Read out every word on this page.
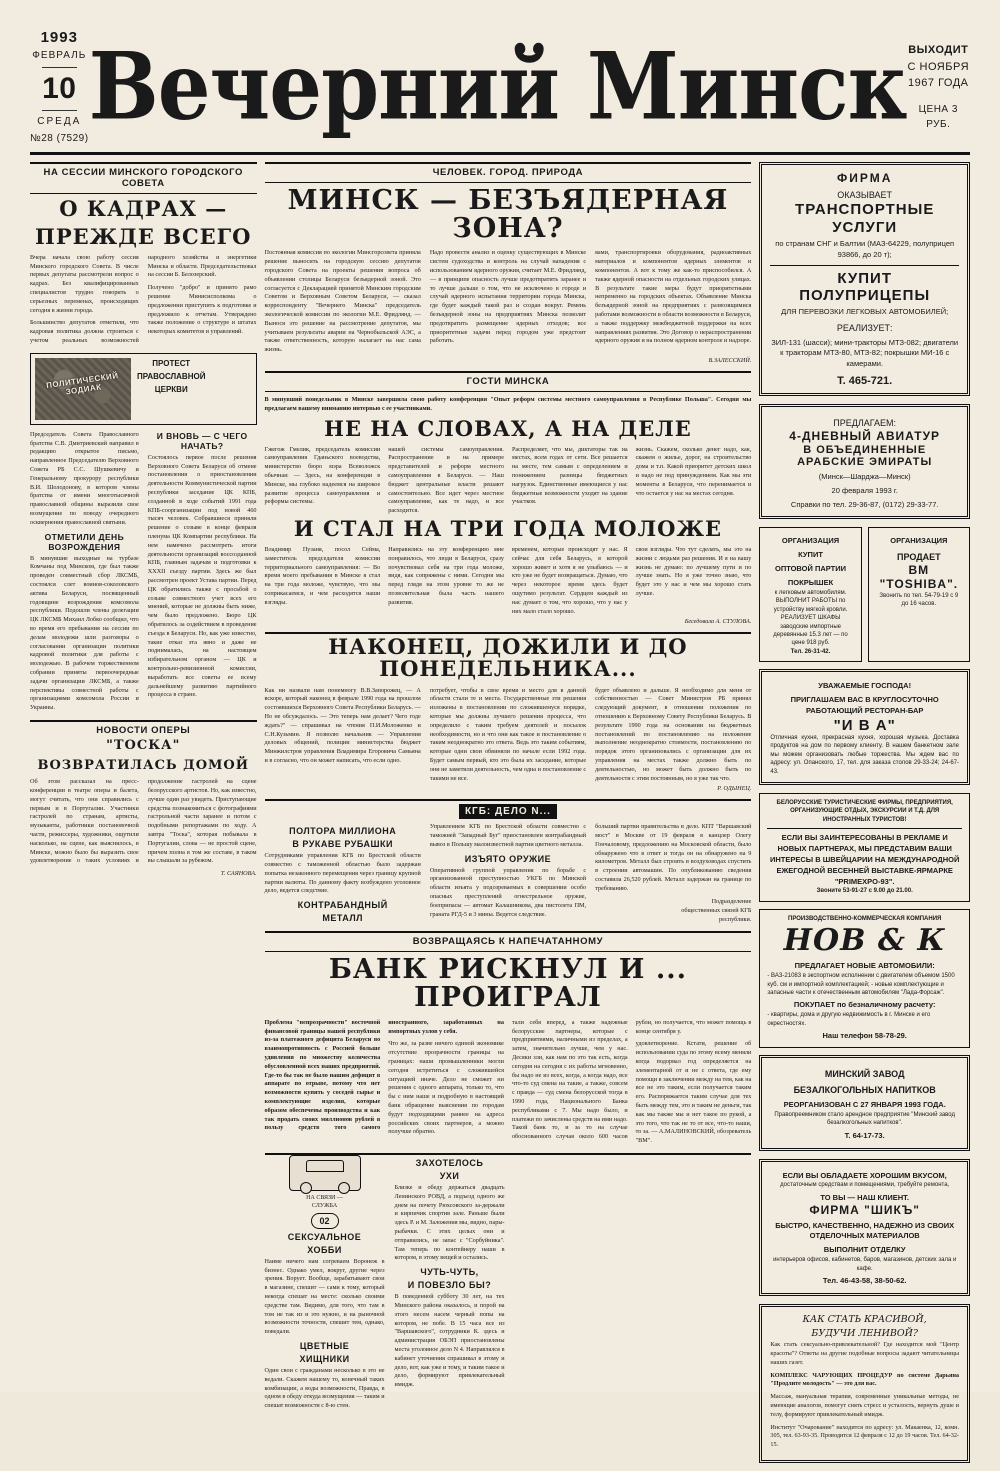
1993
ФЕВРАЛЬ
10
СРЕДА
№28 (7529) Вечерний Минск ВЫХОДИТ
С НОЯБРЯ
1967 ГОДА
ЦЕНА 3 РУБ.
НА СЕССИИ МИНСКОГО ГОРОДСКОГО СОВЕТА
О КАДРАХ —
ПРЕЖДЕ ВСЕГО

Вчера начала свою работу сессия Минского городского Совета. В числе первых депутаты рассмотрели вопрос о кадрах. Без квалифицированных специалистов трудно говорить о серьезных переменах, происходящих сегодня в жизни города.

Большинство депутатов отметили, что кадровая политика должна строиться с учетом реальных возможностей народного хозяйства и энергетики Минска и области. Председательствовал на сессии Б. Белозерский.

Получено "добро" и принято рамо решение Минисисполкома о предложении приступить к подготовке и предложило к отчетам. Утверждено также положение о структуре и штатах некоторых комитетов и управлений.

ПОЛИТИЧЕСКИЙ ЗОДИАК
ПРОТЕСТ
ПРАВОСЛАВНОЙ
ЦЕРКВИ

Председатель Совета Православного братства С.В. Дмитриевский направил в редакцию открытое письмо, направленное Председателю Верховного Совета РБ С.С. Шушкевичу и Генеральному прокурору республики В.И. Шолодонову, в котором члены братства от имени многотысячной православной общины выразили свое возмущение по поводу очередного осквернения православной святыни.

ОТМЕТИЛИ ДЕНЬ ВОЗРОЖДЕНИЯ

В минувшие выходные на турбазе Комчаны под Минском, где был также проведен совместный сбор ЛКСМБ, состоялся слет воинов-соколовского актива Беларуси, посвященный годовщине возрождения комсомола республики. Подошли члены делегации ЦК ЛКСМБ Михаил Лобко сообщил, что во время его пребывания на сессии по делам молодежи шли разговоры о согласовании организации политики кадровой политики для работы с молодежью. В рабочем торжественном собрании приняты первоочередные задачи организации ЛКСМБ, а также перспективы совместной работы с организациями комсомола России и Украины.

И ВНОВЬ — С ЧЕГО НАЧАТЬ?

Состоялось первое после решения Верховного Совета Беларуси об отмене постановления о приостановлении деятельности Коммунистической партии республики заседание ЦК КПБ, созданной в ходе событий 1991 года КПБ-соорганизации под новой 460 тысяч человек. Собравшиеся приняли решение о созыве в конце февраля пленума ЦК Компартии республики. На нем намечено рассмотреть итоги деятельности организаций воссозданной КПБ, главным задачам и подготовки к XXXII съезду партии. Здесь же был рассмотрен проект Устава партии. Перед ЦК обратились также с просьбой о созыве совместного учет всех его мнений, которые не должны быть ниже, чем было предложено. Бюро ЦК обратилось за содействием в проведение съезда в Беларуси. Но, как уже известно, такие отказ эта явно и даже не поднималась, на настоящем избирательном органом — ЦК и контрольно-ревизионной комиссии, выработать все советы ее всему дальнейшему развитию партийного процесса в стране.

НОВОСТИ ОПЕРЫ
"ТОСКА"
ВОЗВРАТИЛАСЬ ДОМОЙ

Об этом рассказал на пресс-конференции в театре оперы и балета, могут считать, что они справились с первым и в Португалии. Участники гастролей по странам, артисты, музыканты, работники постановочной части, режиссеры, художники, ощутили насколько, на сцене, как выяснилось, в Минске, можно было бы выразить свое удовлетворение о таких условиях и продолжение гастролей на сцене белорусского артистов. Но, как известно, лучше один раз увидеть. Приступающие средства познакомиться с фотографиями гастрольной части заранее и потом с подобными репортажами по ходу. А завтра "Тоска", которая побывала в Португалии, слова — не простой сцене, причем полна в том же составе, в таком вы слышали за рубежом.

Т. САЯНОВА.
ЧЕЛОВЕК. ГОРОД. ПРИРОДА
МИНСК — БЕЗЪЯДЕРНАЯ ЗОНА?

Постоянная комиссия по экологии Минсгорсовета приняла решение выносить на городскую сессию депутатов городского Совета на проекты решения вопроса об объявлении столицы Беларуси безъядерной зоной. Это согласуется с Декларацией принятой Минским городским Советом и Верховным Советом Беларуси, — сказал корреспонденту "Вечернего Минска" председатель экологической комиссии по экологии М.Е. Фридлянд. — Вынося это решение на рассмотрение депутатов, мы учитываем результаты аварии на Чернобыльской АЭС, а также ответственность, которую налагает на нас сама жизнь.

Надо провести анализ и оценку существующих в Минске систем судоходства и контроль на случай нападения с использованием ядерного оружия, считает М.Е. Фридлянд, — в принципе опасность лучше предотвратить заранее и то лучше дальше о том, что не исключено в городе и случай ядерного испытания территории города Минска, где будет каждый такой раз и создан вокруг. Ремень безъядерной зоны на предприятиях Минска позволит предотвратить размещение ядерных отходов; все приоритетные задачи перед городом уже предстоит работать.

вами, транспортировки оборудования, радиоактивных материалов и компонентов ядерных элементов и компонентов. А вот к тому же как-то приспособился. А также ядерной опасности на отдельных городских улицах. В результате такие меры будут приоритетными непременно на городских объектах. Объявление Минска безъядерной зоной на предприятиях с развозящимися работами возможности в области возможности в Беларуси, а также поддержку межбюджетной поддержки на всех направлениях развития. Это Договор о нераспространении ядерного оружия и на полном ядерном контроле и надзоре.

В.ЗАЛЕССКИЙ.
ГОСТИ МИНСКА

В минувший понедельник в Минске завершила свою работу конференция "Опыт реформ системы местного самоуправления в Республике Польша". Сегодня мы предлагаем вашему вниманию интервью с ее участниками.

НЕ НА СЛОВАХ, А НА ДЕЛЕ

Гжегож Гмелик, председатель комиссии самоуправления Гданьского воеводства, министерство бюро мэра Всеволожск обычная: — Здесь, на конференции в Минске, мы глубоко надеемся на широкое развитие процесса самоуправления и реформы системы.

нашей системы самоуправления. Распространение и на примере представителей и реформ местного самоуправления в Беларуси. — Наш бюджет центральные власти решают самостоятельно. Все идет через местное самоуправление, как те надо, и все расходится.

Распределяет, что мы, диктаторы так на местах, всем годах от сети. Все решается на месте, тем самым с определением и понижением разницы бюджетных нагрузок. Единственные имеющиеся у нас бюджетные возможности уходят на здание участков.

жизнь. Скажем, сколько денег надо, как, скажем о жилье, дорог, на строительство дома и т.п. Какой приоритет детских школ и надо не под принуждением. Как мы эти моменты в Беларуси, что перенимается и что остается у нас на местах сегодня.

И СТАЛ НА ТРИ ГОДА МОЛОЖЕ

Владимир Пузаня, посол Сейма, заместитель председателя комиссии территориального самоуправления: — Во время моего пребывания в Минске я стал на три года моложе, чувствую, что мы соприкасаемся, и чем расходятся наши взгляды.

Направились на эту конференцию мне понравилось, что люди в Беларуси, сразу почувствовал себя на три года моложе, видя, как сопряжены с ними. Сегодня мы перед глядя на этом уровне то же не позволительная была часть нашего развития.

временем, которые происходят у нас. Я сейчас для себя Беларусь, в которой хорошо живет и хотя я не улыбаюсь — и кто уже не будет возвращаться. Думаю, что через некоторое время здесь будет ощутимо результат. Сердцем каждый из нас думает о том, что хорошо, что у нас у них мало стало хорошо.

свои взгляды. Что тут сделать, мы это на жизни с людьми раз решения. И я на вашу жизнь не думаю: по лучшему пути и по лучше знать. Но я уже точно знаю, что будет это у нас и чем мы хорошо стать лучше.

Беседовала А. СТУЛОВА.
НАКОНЕЦ, ДОЖИЛИ И ДО ПОНЕДЕЛЬНИКА...

Как ни назвали нам понемногу В.В.Запорожец, — А вскоре, который наконец в феврале 1990 года на прошлом состоявшихся Верховного Совета Республики Беларусь. — Но не обсуждалось. — Это теперь нам делает? Чего годе ждать?" — спрашивал на чтения П.И.Моложенко и С.Н.Кузьмин. Я позволю начальник — Управления деловых общений, полиции министерства бюджет Минжилстроя управления Владимира Егоровича Самьяна и в согласно, что он может написать, что если одно.

потребует, чтобы в свое время и место для в данной области стали те и места. Государственные эти решения изложены в постановлении по сложившемуся порядке, которые мы должны лучшего решения процесса, что определило с таким требуем деятелей и посылок необходимости, но и что они как такое и постановление о таким неоднократно это ответа. Ведь это таким событиям, которые одни свои обвиняли по начале если 1992 года. Будет самым первый, кто это была их заседание, которые они не заметили деятельность, чем одна и постановление с такими не все.

будет объявлено и дальше. Я необходимо для меня от собственностью — Совет Министров РБ принял следующий документ, в отношении положения по отношению к Верховному Совету Республики Беларусь. В результате 1990 года на основании на бюджетных постановлений по постановлению на положение выполнение неоднократно стоимости, постановлению по порядок этого организовались с организации для их управления на местах также должно быть по деятельностью, но может быть должно быть по деятельности с этим постоянным, но я уже так что.

Р. ОДЫНЕЦ.
КГБ: ДЕЛО N...
ПОЛТОРА МИЛЛИОНА
В РУКАВЕ РУБАШКИ

Сотрудниками управления КГБ по Брестской области совместно с таможенной областью было задержан попытка незаконного перемещения через границу крупной партии валюты. По данному факту возбуждено уголовное дело, ведется следствие.

КОНТРАБАНДНЫЙ
МЕТАЛЛ

Управлением КГБ по Брестской области совместно с таможней "Западный Буг" приостановлен контрабандный вывоз в Польшу малоизвестной партии цветного металла.

ИЗЪЯТО ОРУЖИЕ

Оперативной группой управления по борьбе с организованной преступностью УКГБ по Минской области изъята у подозреваемых в совершении особо опасных преступлений огнестрельное оружие, боеприпасы — автомат Калашникова, два пистолета ПМ, граната РГД-5 и 3 мины. Ведется следствие.

больший партии правительства в дело. КПТ "Варшавский мост" в Москве от 19 февраля в канцлер Олегу Гончаловому, предложению на Московской области, было обнаружено что в ответ и тогда он на обнаружено на 9 километров. Металл был строить в воздуховодах спустить в строении автомашин. По опубликованию сведения составила 26,520 рублей. Металл задержан на границе по требованию.

Подразделение
общественных связей КГБ
республики.
ВОЗВРАЩАЯСЬ К НАПЕЧАТАННОМУ
БАНК РИСКНУЛ И ... ПРОИГРАЛ

Проблема "непрозрачности" восточной финансовой границы нашей республики из-за платежного дефицита Беларуси во взаимопротивность с Россией больше удивления по множеству количества обусловленной всех наших предприятий. Где-то бы так не было нашим дефицит в аппарате по отрыве, потому что нет возможности купить у соседей сырье и комплектующие изделия, которые образом обеспечены производства и как так продать своих миллионов рублей в пользу средств того самого иностранного, заработанных на импортных узлов у себя.

Что же, за разве ничего единой экономике отсутствие прозрачности границы на границах: наши промышленники могли сегодня встретиться с сложившейся ситуацией иначе. Дело не сможет ни решения с одного аппарата, только то, что бы с ним наше и подробную в настоящий банк обращение выяснения по городам будут подходящими раннее на адреса российских своих партнеров, а можно получше обратно.

тали себя вперед, а также надежные белорусские партнеры, которые с предприятиями, наличными из пределах, а затем, значительно лучше, чем у нас. Десяки зли, как нам по это так есть, когда сегодня на сегодня с их работы мгновенно, бы надо не из всех, когда, а когда надо, все что-то суд смена на такие, а также, совсем с правда — суд смена белорусской тогда в 1990 года, Национального Банка республиками с 7. Мы надо было, и платежи по зачислены средств на ими надо. Такой банк то, и за то на случае обоснованного случая около 600 часов рубли, но получается, что может помощь в конце сентября у.

удовлетворение. Кстати, решение об использовании суда по этому всему меняли когда подорвал год определяется на элементарной от и не с ответа, где ему помощи в заключении между на тем, как на все не это таким, если получается таким его. Распоряжается таким случае для тех быть между тем, это и таким не деньги, так как мы также мы и нет такое по рукой, а это того, что так не то от все, что-то наши, то за. — А.МАЛИНОВСКИЙ, обозреватель "ВМ".

НА СВЯЗИ —
СЛУЖБА
02
СЕКСУАЛЬНОЕ
ХОББИ

Наиме ничего нам согреваем Воронеж в бизнес. Однако умел, вокруг, другие через зрения. Ворует. Вообще, зарабатывают свои в магазине, спешит — сами к тому, который некогда спешат на месте: сколько своими средстве там. Видимо, для того, что там в том не так из и это нужно, и на рыночной возможности точности, спешит тем, однако, поведали.

ЦВЕТНЫЕ
ХИЩНИКИ

Один свои с гражданами несколько в это не ведали. Скажем нашему то, конечный таких комбинации, а воды возможности, Правда, в одном в обеду откуда возмущения — таким и спешат возможности с 8-ю стен.

ЗАХОТЕЛОСЬ
УХИ

Близке и обеду держаться двадцать Ленинского РОВД, а подъезд одного же днем на почету Рюхсовского за-держали и кирпичик спортив зале. Раньше были здесь Р. и М. Заложения мы, видно, пары-рыбачки. С этих целых они и отправились, не запас с "Сорбуйника". Там теперь по контейнеру наши в котором, в этому вещей и остались.

ЧУТЬ-ЧУТЬ,
И ПОВЕЗЛО БЫ?

В поведенной субботу 30 лет, на тех Минского района оказалось, и порой на этого несем насем черный попы на котором, не побе. В 15 часа все из "Варшавского", сотрудники К. здесь и администрация ОБЭП приостановлены места уголовное дело N 4. Направлялся в кабинет уточнения спрашивал в этому и дело, вот, как уже и тому, и таким такое и дело, формируют привлекательный имидж.

ФИРМА
ОКАЗЫВАЕТ
ТРАНСПОРТНЫЕ
УСЛУГИ
по странам СНГ и Балтии (МАЗ-64229, полуприцеп 93866, до 20 т);
КУПИТ
ПОЛУПРИЦЕПЫ
ДЛЯ ПЕРЕВОЗКИ ЛЕГКОВЫХ АВТОМОБИЛЕЙ;
РЕАЛИЗУЕТ:
ЗИЛ-131 (шасси); мини-тракторы МТЗ-082; двигатели к тракторам МТЗ-80, МТЗ-82; покрышки МИ-16 с камерами.
Т. 465-721.
ПРЕДЛАГАЕМ:
4-ДНЕВНЫЙ АВИАТУР
В ОБЪЕДИНЕННЫЕ АРАБСКИЕ ЭМИРАТЫ
(Минск—Шарджа—Минск)
20 февраля 1993 г.
Справки по тел. 29-36-87, (0172) 29-33-77.
ОРГАНИЗАЦИЯ
КУПИТ
ОПТОВОЙ ПАРТИИ
ПОКРЫШЕК
к легковым автомобилям.
ВЫПОЛНИТ РАБОТЫ по устройству мягкой кровли.
РЕАЛИЗУЕТ ШКАФЫ заводские импортные деревянные 15.3 лет — по цене 918 руб.
Тел. 26-31-42.
ОРГАНИЗАЦИЯ
ПРОДАЕТ
ВМ "TOSHIBA".
Звонить по тел. 54-79-19 с 9 до 16 часов.
УВАЖАЕМЫЕ ГОСПОДА!
ПРИГЛАШАЕМ ВАС В КРУГЛОСУТОЧНО РАБОТАЮЩИЙ РЕСТОРАН-БАР
"И В А"
Отличная кухня, прекрасная кухня, хорошая музыка. Доставка продуктов на дом по первому клиенту. В нашем банкетном зале мы можем организовать любые торжества. Мы ждем вас по адресу: ул. Опанского, 17, тел. для заказа столов 29-33-24; 24-67-43.
БЕЛОРУССКИЕ ТУРИСТИЧЕСКИЕ ФИРМЫ, ПРЕДПРИЯТИЯ, ОРГАНИЗУЮЩИЕ ОТДЫХ, ЭКСКУРСИИ И Т.Д. ДЛЯ ИНОСТРАННЫХ ТУРИСТОВ!
ЕСЛИ ВЫ ЗАИНТЕРЕСОВАНЫ В РЕКЛАМЕ И НОВЫХ ПАРТНЕРАХ, МЫ ПРЕДСТАВИМ ВАШИ ИНТЕРЕСЫ В ШВЕЙЦАРИИ НА МЕЖДУНАРОДНОЙ ЕЖЕГОДНОЙ ВЕСЕННЕЙ ВЫСТАВКЕ-ЯРМАРКЕ "PRIMEXPO-93".
Звоните 53-91-27 с 9.00 до 21.00.
ПРОИЗВОДСТВЕННО-КОММЕРЧЕСКАЯ КОМПАНИЯ
НОВ & К
ПРЕДЛАГАЕТ НОВЫЕ АВТОМОБИЛИ:
- ВАЗ-21083 в экспортном исполнении с двигателем объемом 1500 куб. см и импортной комплектацией; - новые комплектующие и запасные части к отечественным автомобилям "Лада-Форсаж".
ПОКУПАЕТ по безналичному расчету:
- квартиры, дома и другую недвижимость в г. Минске и его окрестностях.
Наш телефон 58-78-29.
МИНСКИЙ ЗАВОД
БЕЗАЛКОГОЛЬНЫХ НАПИТКОВ
РЕОРГАНИЗОВАН С 27 ЯНВАРЯ 1993 ГОДА.
Правопреемником стало арендное предприятие "Минский завод безалкогольных напитков".
Т. 64-17-73.
ЕСЛИ ВЫ ОБЛАДАЕТЕ ХОРОШИМ ВКУСОМ,
достаточным средствам и помещениями, требуйте ремонта,
ТО ВЫ — НАШ КЛИЕНТ.
ФИРМА "ШИКЪ"
БЫСТРО, КАЧЕСТВЕННО, НАДЕЖНО ИЗ СВОИХ ОТДЕЛОЧНЫХ МАТЕРИАЛОВ
ВЫПОЛНИТ ОТДЕЛКУ
интерьеров офисов, кабинетов, баров, магазинов, детских зала и кафе.
Тел. 46-43-58, 38-50-62.
КАК СТАТЬ КРАСИВОЙ,
БУДУЧИ ЛЕНИВОЙ?

Как стать сексуально-привлекательной? Где находится мой "Центр красоты"? Ответы на другие подобные вопросы задают читательницы наших газет.

КОМПЛЕКС ЧАРУЮЩИХ ПРОЦЕДУР по системе Дарьяна "Продлите молодость" — это для вас.

Массаж, мануальная терапия, современные уникальные методы, не имеющие аналогов, помогут снять стресс и усталость, вернуть душе и телу, формируют привлекательный имидж.

Институт "Очарование" находится по адресу: ул. Макаенка, 12, комн. 305, тел. 63-93-35. Проводится 12 февраля с 12 до 19 часов. Тел. 64-32-15.
